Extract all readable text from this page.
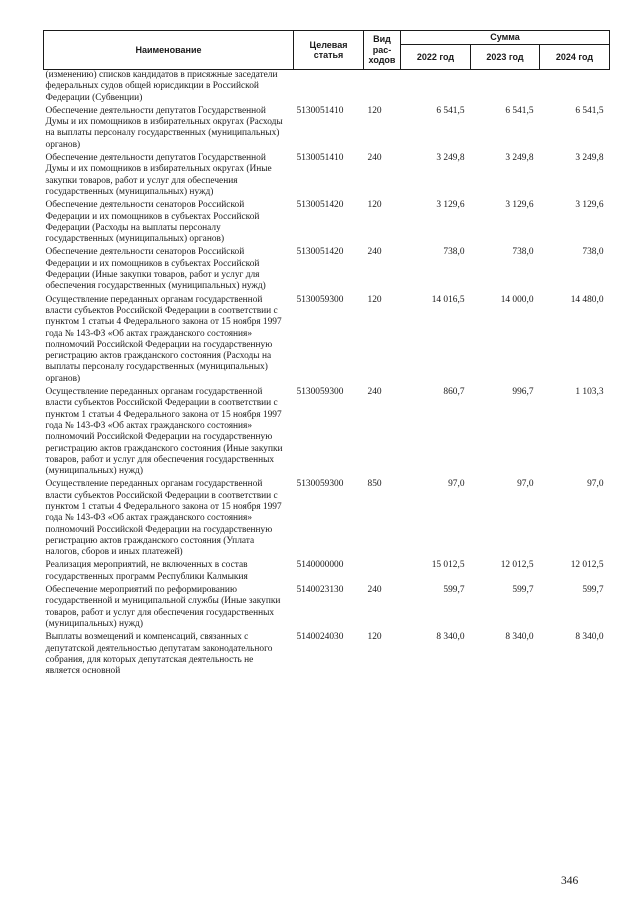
Наименование	Целевая статья	Вид рас-ходов	Сумма		
			2022 год	2023 год	2024 год
(изменению) списков кандидатов в присяжные заседатели федеральных судов общей юрисдикции в Российской Федерации (Субвенции)					
Обеспечение деятельности депутатов Государственной Думы и их помощников в избирательных округах (Расходы на выплаты персоналу государственных (муниципальных) органов)	5130051410	120	6 541,5	6 541,5	6 541,5
Обеспечение деятельности депутатов Государственной Думы и их помощников в избирательных округах (Иные закупки товаров, работ и услуг для обеспечения государственных (муниципальных) нужд)	5130051410	240	3 249,8	3 249,8	3 249,8
Обеспечение деятельности сенаторов Российской Федерации и их помощников в субъектах Российской Федерации (Расходы на выплаты персоналу государственных (муниципальных) органов)	5130051420	120	3 129,6	3 129,6	3 129,6
Обеспечение деятельности сенаторов Российской Федерации и их помощников в субъектах Российской Федерации (Иные закупки товаров, работ и услуг для обеспечения государственных (муниципальных) нужд)	5130051420	240	738,0	738,0	738,0
Осуществление переданных органам государственной власти субъектов Российской Федерации в соответствии с пунктом 1 статьи 4 Федерального закона от 15 ноября 1997 года № 143-ФЗ «Об актах гражданского состояния» полномочий Российской Федерации на государственную регистрацию актов гражданского состояния (Расходы на выплаты персоналу государственных (муниципальных) органов)	5130059300	120	14 016,5	14 000,0	14 480,0
Осуществление переданных органам государственной власти субъектов Российской Федерации в соответствии с пунктом 1 статьи 4 Федерального закона от 15 ноября 1997 года № 143-ФЗ «Об актах гражданского состояния» полномочий Российской Федерации на государственную регистрацию актов гражданского состояния (Иные закупки товаров, работ и услуг для обеспечения государственных (муниципальных) нужд)	5130059300	240	860,7	996,7	1 103,3
Осуществление переданных органам государственной власти субъектов Российской Федерации в соответствии с пунктом 1 статьи 4 Федерального закона от 15 ноября 1997 года № 143-ФЗ «Об актах гражданского состояния» полномочий Российской Федерации на государственную регистрацию актов гражданского состояния (Уплата налогов, сборов и иных платежей)	5130059300	850	97,0	97,0	97,0
Реализация мероприятий, не включенных в состав государственных программ Республики Калмыкия	5140000000		15 012,5	12 012,5	12 012,5
Обеспечение мероприятий по реформированию государственной и муниципальной службы (Иные закупки товаров, работ и услуг для обеспечения государственных (муниципальных) нужд)	5140023130	240	599,7	599,7	599,7
Выплаты возмещений и компенсаций, связанных с депутатской деятельностью депутатам законодательного собрания, для которых депутатская деятельность не является основной	5140024030	120	8 340,0	8 340,0	8 340,0
346
